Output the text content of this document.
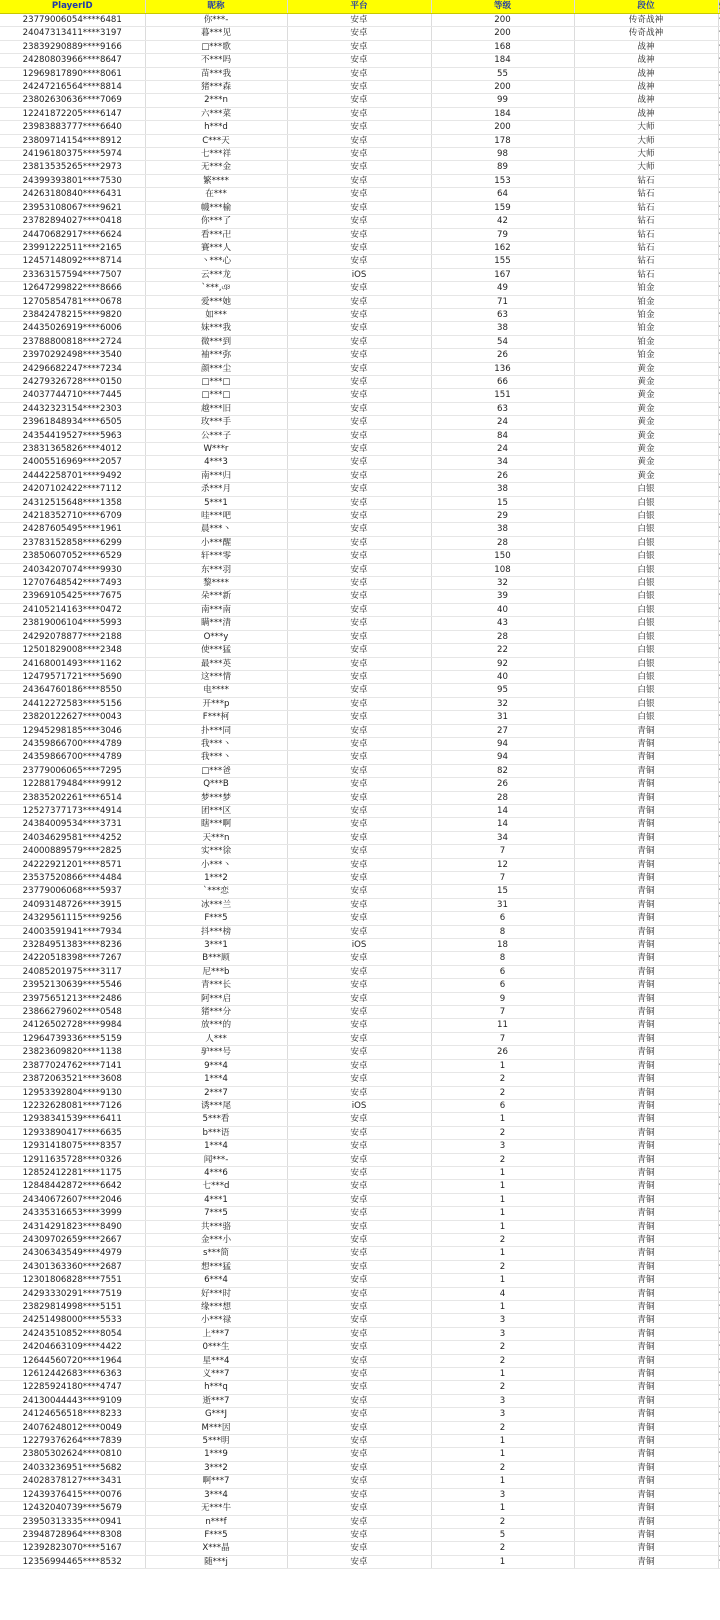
PlayerID	昵称	平台	等级	段位	
23779006054****6481	你***-	安卓	200	传奇战神	
24047313411****3197	暮***见	安卓	200	传奇战神	
23839290889****9166	□***歌	安卓	168	战神	
24280803966****8647	不***吗	安卓	184	战神	
12969817890****8061	苗***我	安卓	55	战神	
24247216564****8814	猪***森	安卓	200	战神	
23802630636****7069	2***n	安卓	99	战神	
12241872205****6147	六***菜	安卓	184	战神	
23983883777****6640	h***d	安卓	200	大师	
23809714154****8912	C***天	安卓	178	大师	
24196180375****5974	七***祥	安卓	98	大师	
23813535265****2973	无***金	安卓	89	大师	
24399393801****7530	繁****	安卓	153	钻石	
24263180840****6431	在***	安卓	64	钻石	
23953108067****9621	幭***榆	安卓	159	钻石	
23782894027****0418	你***了	安卓	42	钻石	
24470682917****6624	看***卍	安卓	79	钻石	
23991222511****2165	賽***人	安卓	162	钻石	
12457148092****8714	丶***心	安卓	155	钻石	
23363157594****7507	云***龙	iOS	167	钻石	
12647299822****8666	`***,ঞ	安卓	49	铂金	
12705854781****0678	爱***她	安卓	71	铂金	
23842478215****9820	如***	安卓	63	铂金	
24435026919****6006	妹***我	安卓	38	铂金	
23788800818****2724	微***到	安卓	54	铂金	
23970292498****3540	袖***弥	安卓	26	铂金	
24296682247****7234	颜***尘	安卓	136	黄金	
24279326728****0150	□***□	安卓	66	黄金	
24037744710****7445	□***□	安卓	151	黄金	
24432323154****2303	越***旧	安卓	63	黄金	
23961848934****6505	玫***手	安卓	24	黄金	
24354419527****5963	公***子	安卓	84	黄金	
23831365826****4012	W***r	安卓	24	黄金	
24005516969****2057	4***3	安卓	34	黄金	
24442258701****9492	南***归	安卓	26	黄金	
24207102422****7112	杀***月	安卓	38	白银	
24312515648****1358	5***1	安卓	15	白银	
24218352710****6709	哇***吧	安卓	29	白银	
24287605495****1961	晨***丶	安卓	38	白银	
23783152858****6299	小***醒	安卓	28	白银	
23850607052****6529	轩***零	安卓	150	白银	
24034207074****9930	东***羽	安卓	108	白银	
12707648542****7493	黎****	安卓	32	白银	
23969105425****7675	朵***新	安卓	39	白银	
24105214163****0472	南***南	安卓	40	白银	
23819006104****5993	瞒***清	安卓	43	白银	
24292078877****2188	O***y	安卓	28	白银	
12501829008****2348	使***猛	安卓	22	白银	
24168001493****1162	最***英	安卓	92	白银	
12479571721****5690	这***情	安卓	40	白银	
24364760186****8550	电****	安卓	95	白银	
24412272583****5156	开***p	安卓	32	白银	
23820122627****0043	F***柯	安卓	31	白银	
12945298185****3046	扑***同	安卓	27	青铜	
24359866700****4789	我***丶	安卓	94	青铜	
24359866700****4789	我***丶	安卓	94	青铜	
23779006065****7295	□***爸	安卓	82	青铜	
12288179484****9912	Q***B	安卓	26	青铜	
23835202261****6514	梦***梦	安卓	28	青铜	
12527377173****4914	团***区	安卓	14	青铜	
24384009534****3731	瞎***啊	安卓	14	青铜	
24034629581****4252	天***n	安卓	34	青铜	
24000889579****2825	实***徐	安卓	7	青铜	
24222921201****8571	小***丶	安卓	12	青铜	
23537520866****4484	1***2	安卓	7	青铜	
23779006068****5937	`***恋	安卓	15	青铜	
24093148726****3915	冰***兰	安卓	31	青铜	
24329561115****9256	F***5	安卓	6	青铜	
24003591941****7934	抖***榜	安卓	8	青铜	
23284951383****8236	3***1	iOS	18	青铜	
24220518398****7267	B***顾	安卓	8	青铜	
24085201975****3117	尼***b	安卓	6	青铜	
23952130639****5546	青***长	安卓	6	青铜	
23975651213****2486	阿***启	安卓	9	青铜	
23866279602****0548	猪***分	安卓	7	青铜	
24126502728****9984	放***的	安卓	11	青铜	
12964739336****5159	人***	安卓	7	青铜	
23823609820****1138	驴***号	安卓	26	青铜	
23877024762****7141	9***4	安卓	1	青铜	
23872063521****3608	1***4	安卓	2	青铜	
12953392804****9130	2***7	安卓	2	青铜	
12232628081****7126	诱***尾	iOS	6	青铜	
12938341539****6411	5***看	安卓	1	青铜	
12933890417****6635	b***语	安卓	2	青铜	
12931418075****8357	1***4	安卓	3	青铜	
12911635728****0326	闻***-	安卓	2	青铜	
12852412281****1175	4***6	安卓	1	青铜	
12848442872****6642	七***d	安卓	1	青铜	
24340672607****2046	4***1	安卓	1	青铜	
24335316653****3999	7***5	安卓	1	青铜	
24314291823****8490	共***骆	安卓	1	青铜	
24309702659****2667	金***小	安卓	2	青铜	
24306343549****4979	s***简	安卓	1	青铜	
24301363360****2687	想***猛	安卓	2	青铜	
12301806828****7551	6***4	安卓	1	青铜	
24293330291****7519	好***时	安卓	4	青铜	
23829814998****5151	缘***想	安卓	1	青铜	
24251498000****5533	小***禄	安卓	3	青铜	
24243510852****8054	上***7	安卓	3	青铜	
24204663109****4422	0***生	安卓	2	青铜	
12644560720****1964	星***4	安卓	2	青铜	
12612442683****6363	义***7	安卓	1	青铜	
12285924180****4747	h***q	安卓	2	青铜	
24130044443****9109	逝***7	安卓	3	青铜	
24124656518****8233	G***J	安卓	3	青铜	
24076248012****0049	M***因	安卓	2	青铜	
12279376264****7839	5***明	安卓	1	青铜	
23805302624****0810	1***9	安卓	1	青铜	
24033236951****5682	3***2	安卓	2	青铜	
24028378127****3431	啊***7	安卓	1	青铜	
12439376415****0076	3***4	安卓	3	青铜	
12432040739****5679	无***牛	安卓	1	青铜	
23950313335****0941	n***f	安卓	2	青铜	
23948728964****8308	F***5	安卓	5	青铜	
12392823070****5167	X***晶	安卓	2	青铜	
12356994465****8532	随***j	安卓	1	青铜	
